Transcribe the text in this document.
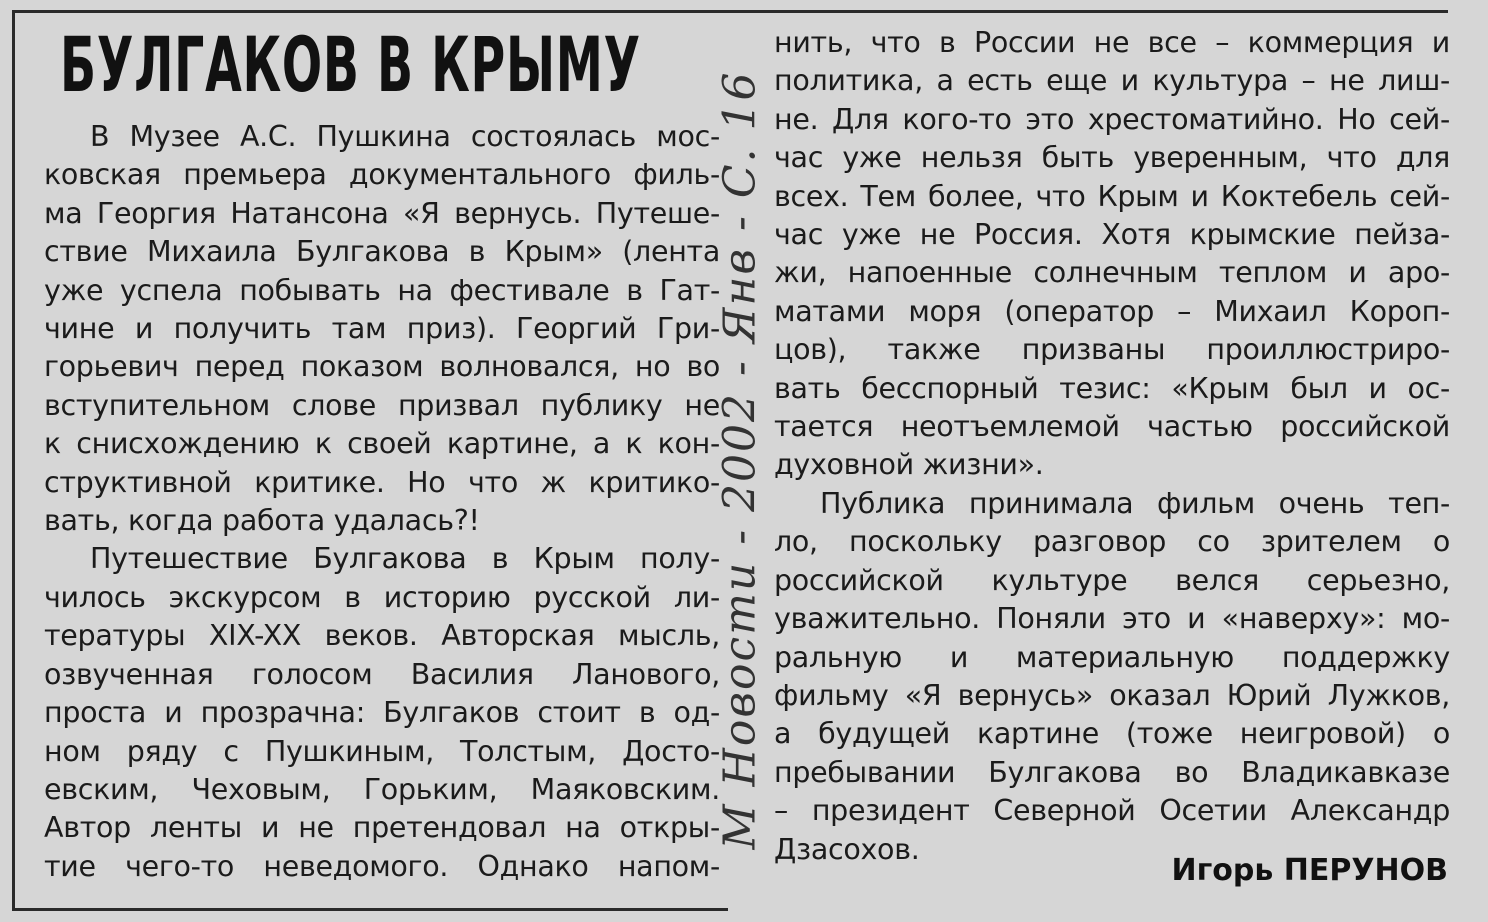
БУЛГАКОВ В КРЫМУ
В Музее А.С. Пушкина состоялась мос-
ковская премьера документального филь-
ма Георгия Натансона «Я вернусь. Путеше-
ствие Михаила Булгакова в Крым» (лента
уже успела побывать на фестивале в Гат-
чине и получить там приз). Георгий Гри-
горьевич перед показом волновался, но во
вступительном слове призвал публику не
к снисхождению к своей картине, а к кон-
структивной критике. Но что ж критико-
вать, когда работа удалась?!
Путешествие Булгакова в Крым полу-
чилось экскурсом в историю русской ли-
тературы XIX-XX веков. Авторская мысль,
озвученная голосом Василия Ланового,
проста и прозрачна: Булгаков стоит в од-
ном ряду с Пушкиным, Толстым, Досто-
евским, Чеховым, Горьким, Маяковским.
Автор ленты и не претендовал на откры-
тие чего-то неведомого. Однако напом-
М Новости - 2002 - Янв - С. 16
нить, что в России не все – коммерция и
политика, а есть еще и культура – не лиш-
не. Для кого-то это хрестоматийно. Но сей-
час уже нельзя быть уверенным, что для
всех. Тем более, что Крым и Коктебель сей-
час уже не Россия. Хотя крымские пейза-
жи, напоенные солнечным теплом и аро-
матами моря (оператор – Михаил Короп-
цов), также призваны проиллюстриро-
вать бесспорный тезис: «Крым был и ос-
тается неотъемлемой частью российской
духовной жизни».
Публика принимала фильм очень теп-
ло, поскольку разговор со зрителем о
российской культуре велся серьезно,
уважительно. Поняли это и «наверху»: мо-
ральную и материальную поддержку
фильму «Я вернусь» оказал Юрий Лужков,
а будущей картине (тоже неигровой) о
пребывании Булгакова во Владикавказе
– президент Северной Осетии Александр
Дзасохов.
Игорь ПЕРУНОВ
